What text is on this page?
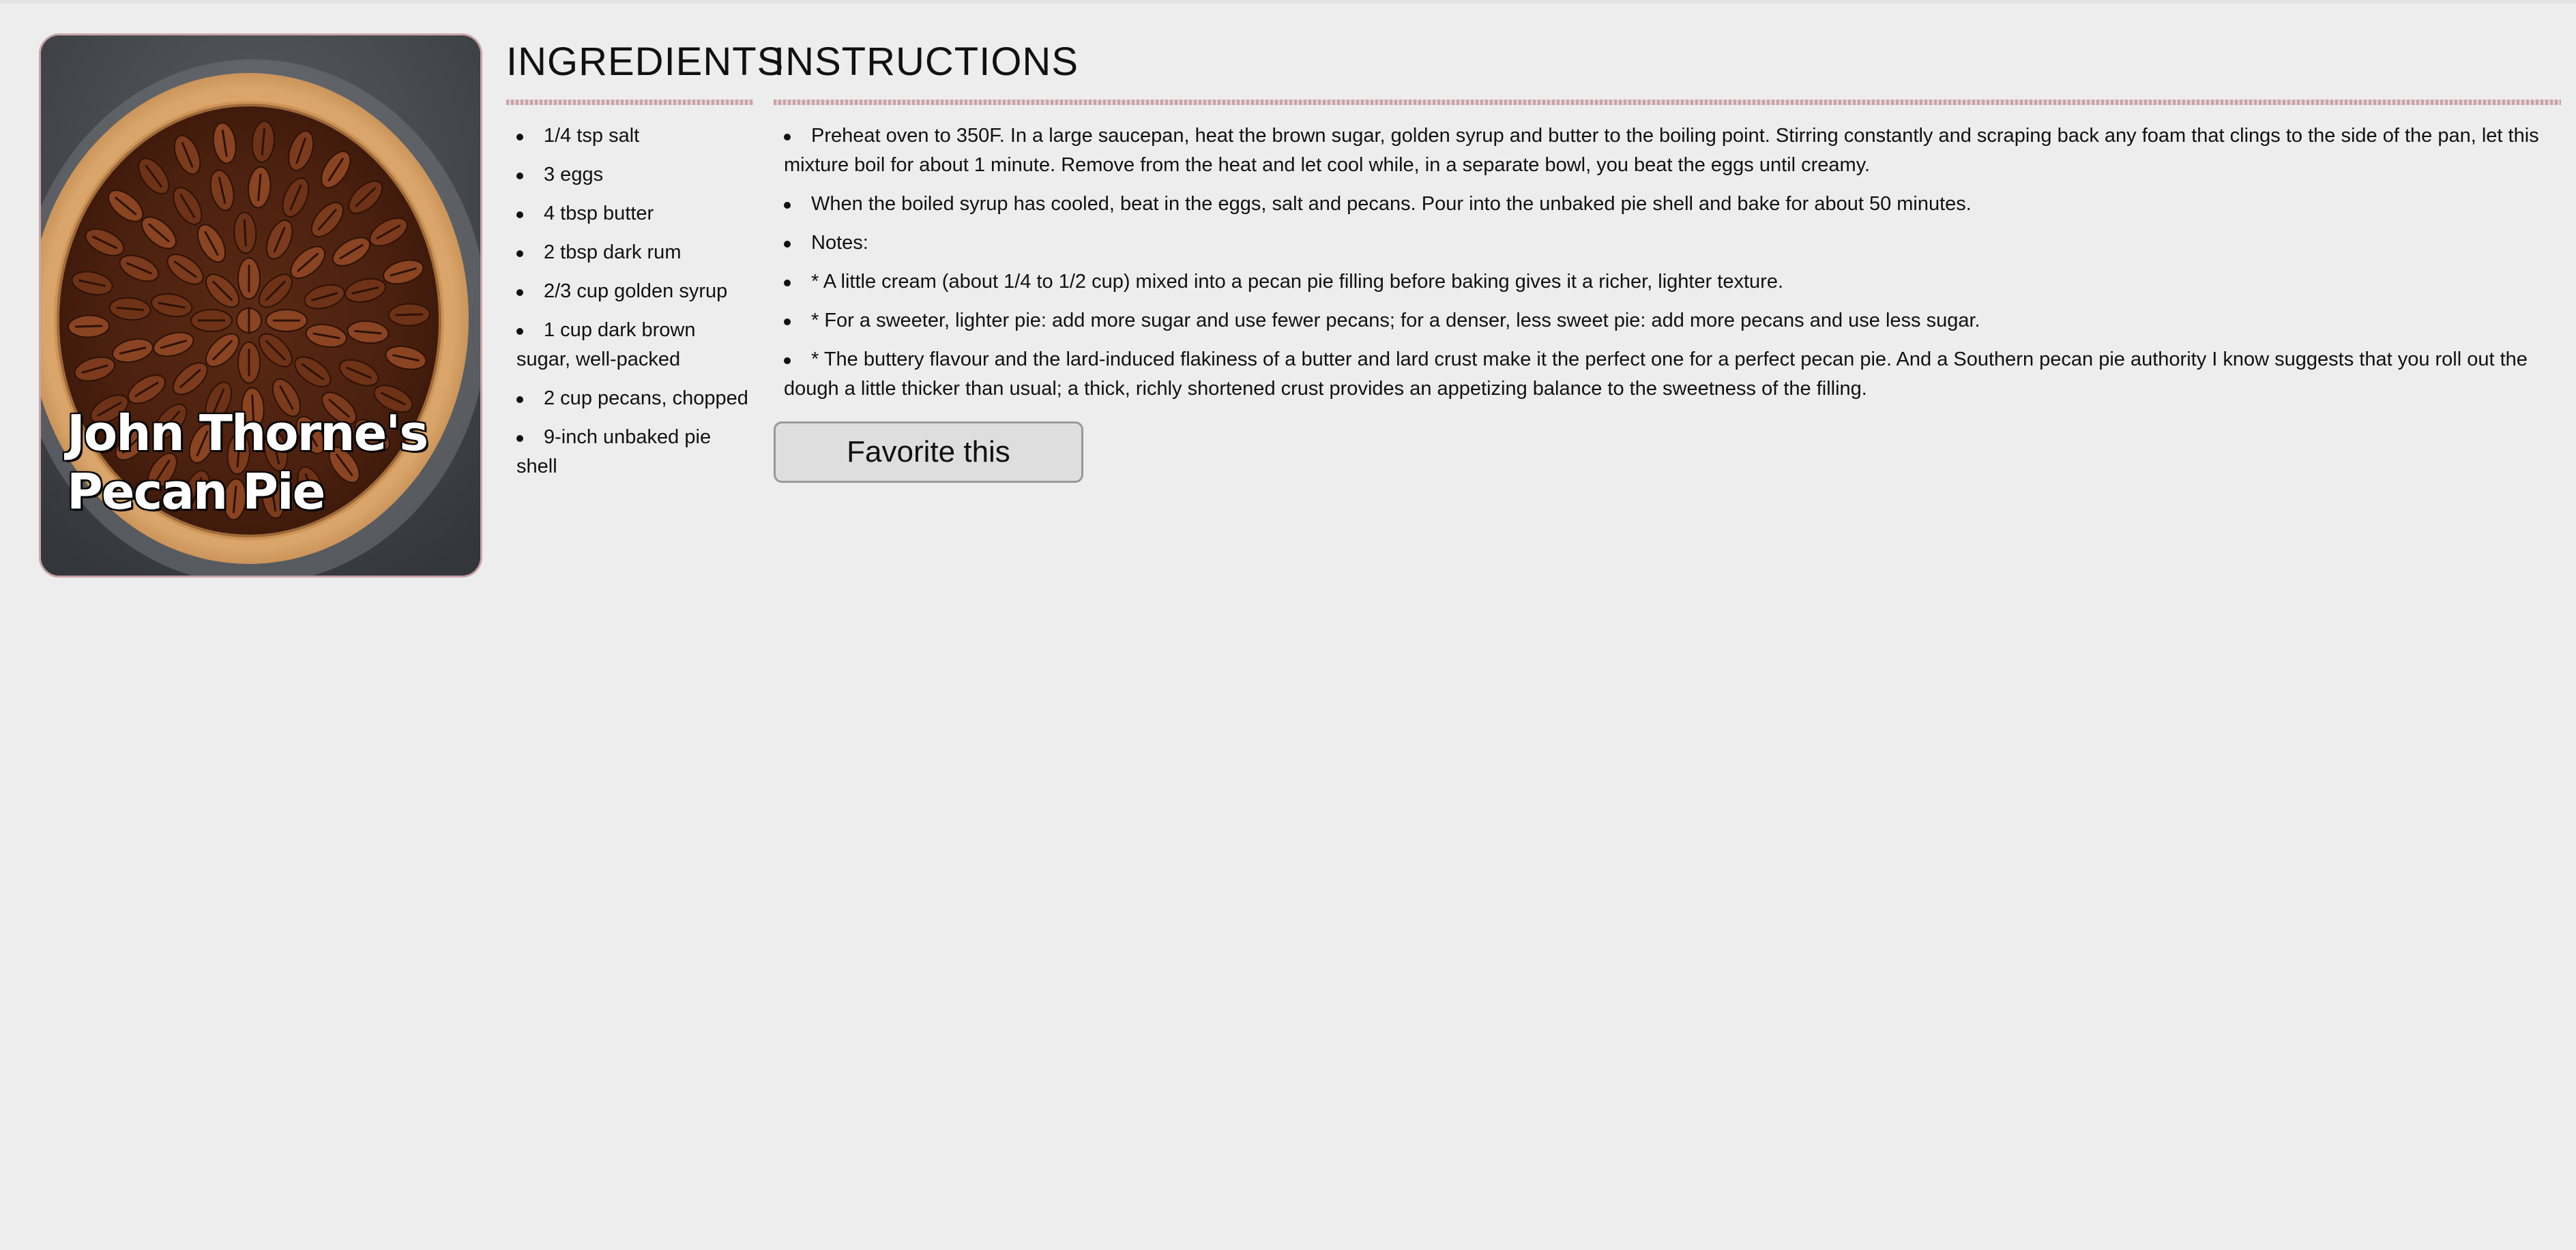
John Thorne's Pecan Pie
INGREDIENTS
1/4 tsp salt
3 eggs
4 tbsp butter
2 tbsp dark rum
2/3 cup golden syrup
1 cup dark brown sugar, well-packed
2 cup pecans, chopped
9-inch unbaked pie shell
INSTRUCTIONS
Preheat oven to 350F. In a large saucepan, heat the brown sugar, golden syrup and butter to the boiling point. Stirring constantly and scraping back any foam that clings to the side of the pan, let this mixture boil for about 1 minute. Remove from the heat and let cool while, in a separate bowl, you beat the eggs until creamy.
When the boiled syrup has cooled, beat in the eggs, salt and pecans. Pour into the unbaked pie shell and bake for about 50 minutes.
Notes:
* A little cream (about 1/4 to 1/2 cup) mixed into a pecan pie filling before baking gives it a richer, lighter texture.
* For a sweeter, lighter pie: add more sugar and use fewer pecans; for a denser, less sweet pie: add more pecans and use less sugar.
* The buttery flavour and the lard-induced flakiness of a butter and lard crust make it the perfect one for a perfect pecan pie. And a Southern pecan pie authority I know suggests that you roll out the dough a little thicker than usual; a thick, richly shortened crust provides an appetizing balance to the sweetness of the filling.
Favorite this
